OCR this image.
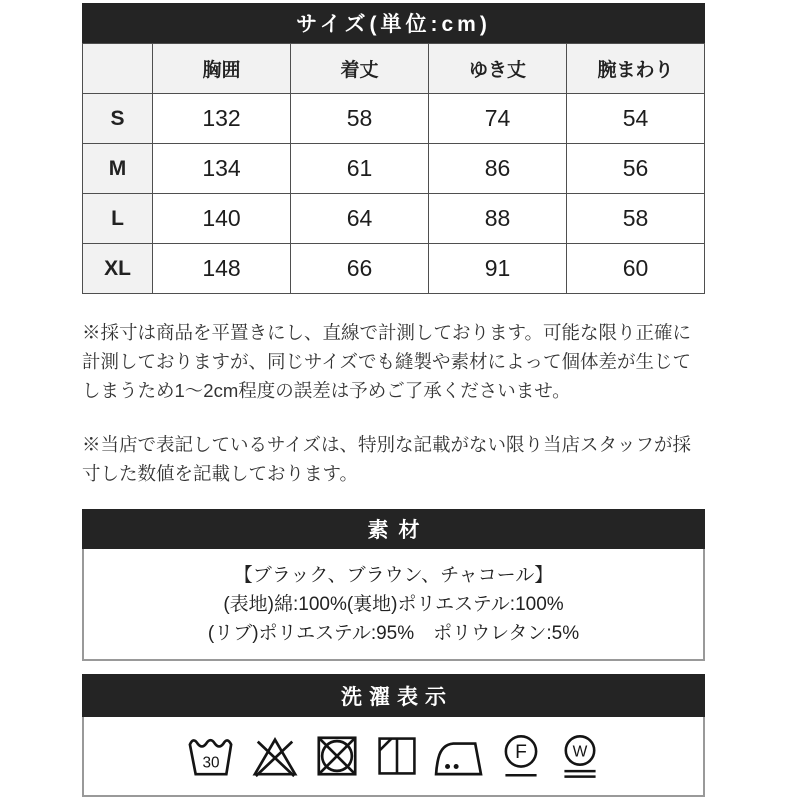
サイズ(単位:cm)
	胸囲	着丈	ゆき丈	腕まわり
S	132	58	74	54
M	134	61	86	56
L	140	64	88	58
XL	148	66	91	60

※採寸は商品を平置きにし、直線で計測しております。可能な限り正確に計測しておりますが、同じサイズでも縫製や素材によって個体差が生じてしまうため1〜2cm程度の誤差は予めご了承くださいませ。

※当店で表記しているサイズは、特別な記載がない限り当店スタッフが採寸した数値を記載しております。

素材

【ブラック、ブラウン、チャコール】

(表地)綿:100%(裏地)ポリエステル:100%

(リブ)ポリエステル:95%　ポリウレタン:5%

洗濯表示
30
F	W
